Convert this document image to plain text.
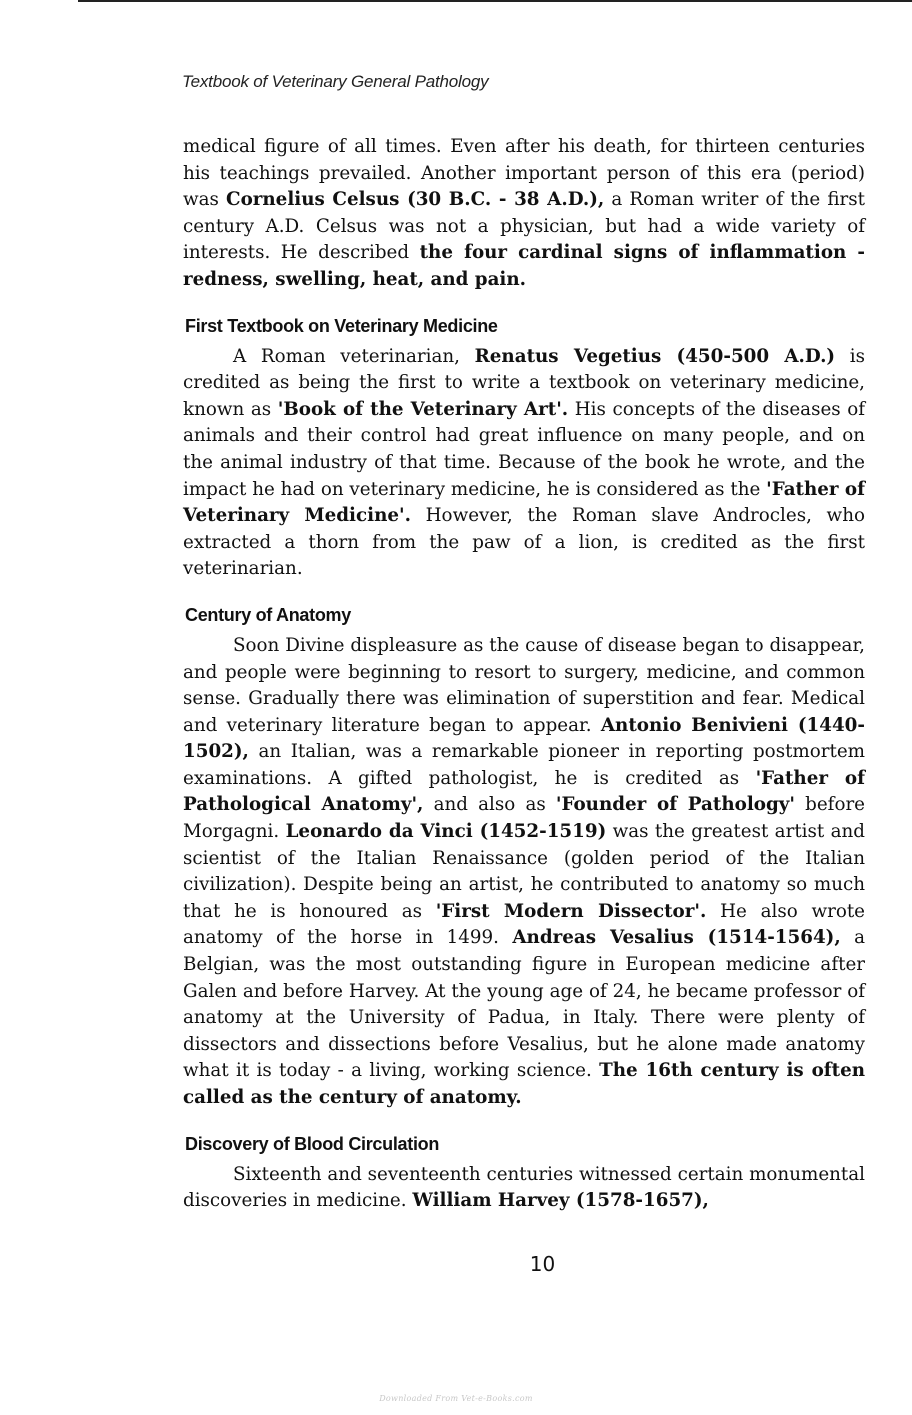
Textbook of Veterinary General Pathology

medical figure of all times. Even after his death, for thirteen centuries his teachings prevailed. Another important person of this era (period) was Cornelius Celsus (30 B.C. - 38 A.D.), a Roman writer of the first century A.D. Celsus was not a physician, but had a wide variety of interests. He described the four cardinal signs of inflammation - redness, swelling, heat, and pain.

First Textbook on Veterinary Medicine

A Roman veterinarian, Renatus Vegetius (450-500 A.D.) is credited as being the first to write a textbook on veterinary medicine, known as 'Book of the Veterinary Art'. His concepts of the diseases of animals and their control had great influence on many people, and on the animal industry of that time. Because of the book he wrote, and the impact he had on veterinary medicine, he is considered as the 'Father of Veterinary Medicine'. However, the Roman slave Androcles, who extracted a thorn from the paw of a lion, is credited as the first veterinarian.

Century of Anatomy

Soon Divine displeasure as the cause of disease began to disappear, and people were beginning to resort to surgery, medicine, and common sense. Gradually there was elimination of superstition and fear. Medical and veterinary literature began to appear. Antonio Benivieni (1440-1502), an Italian, was a remarkable pioneer in reporting postmortem examinations. A gifted pathologist, he is credited as 'Father of Pathological Anatomy', and also as 'Founder of Pathology' before Morgagni. Leonardo da Vinci (1452-1519) was the greatest artist and scientist of the Italian Renaissance (golden period of the Italian civilization). Despite being an artist, he contributed to anatomy so much that he is honoured as 'First Modern Dissector'. He also wrote anatomy of the horse in 1499. Andreas Vesalius (1514-1564), a Belgian, was the most outstanding figure in European medicine after Galen and before Harvey. At the young age of 24, he became professor of anatomy at the University of Padua, in Italy. There were plenty of dissectors and dissections before Vesalius, but he alone made anatomy what it is today - a living, working science. The 16th century is often called as the century of anatomy.

Discovery of Blood Circulation

Sixteenth and seventeenth centuries witnessed certain monumental discoveries in medicine. William Harvey (1578-1657),

10
Downloaded From Vet-e-Books.com
